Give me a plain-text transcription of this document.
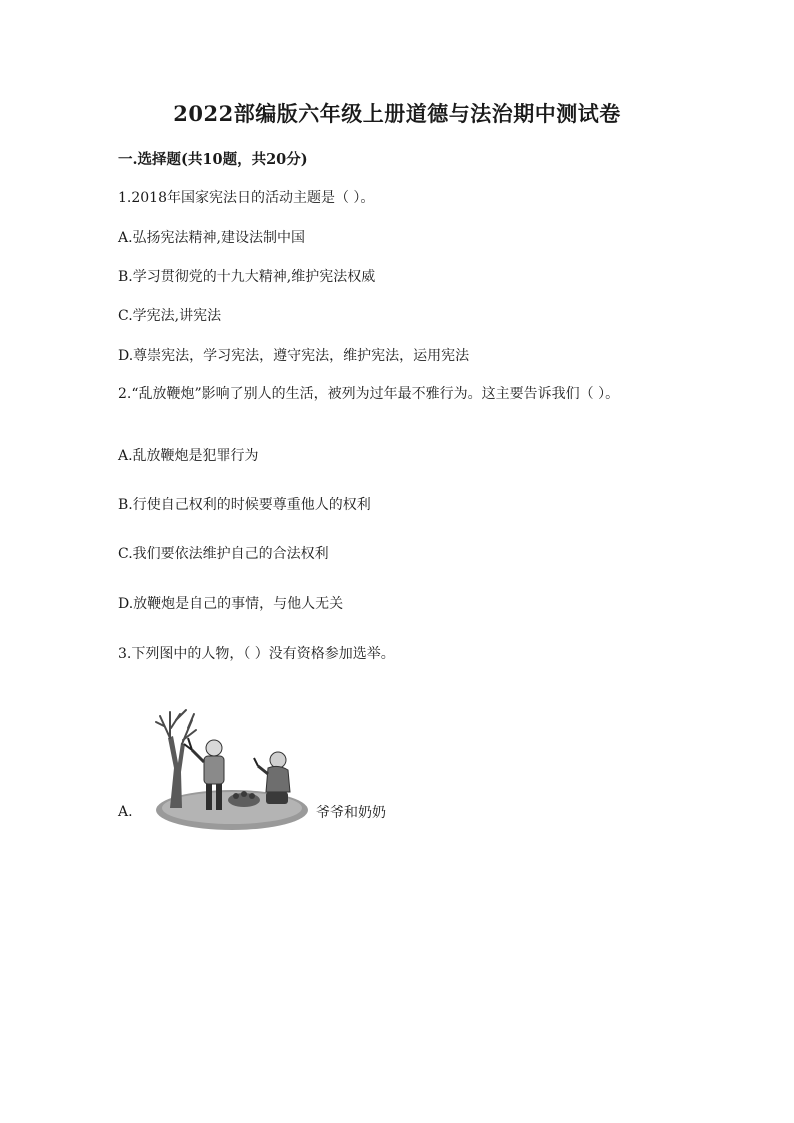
2022部编版六年级上册道德与法治期中测试卷
一.选择题(共10题，共20分)
1.2018年国家宪法日的活动主题是（ ）。
A.弘扬宪法精神,建设法制中国
B.学习贯彻党的十九大精神,维护宪法权威
C.学宪法,讲宪法
D.尊崇宪法，学习宪法，遵守宪法，维护宪法，运用宪法
2.“乱放鞭炮”影响了别人的生活，被列为过年最不雅行为。这主要告诉我们（ ）。
A.乱放鞭炮是犯罪行为
B.行使自己权利的时候要尊重他人的权利
C.我们要依法维护自己的合法权利
D.放鞭炮是自己的事情，与他人无关
3.下列图中的人物，（ ）没有资格参加选举。
A.	爷爷和奶奶
